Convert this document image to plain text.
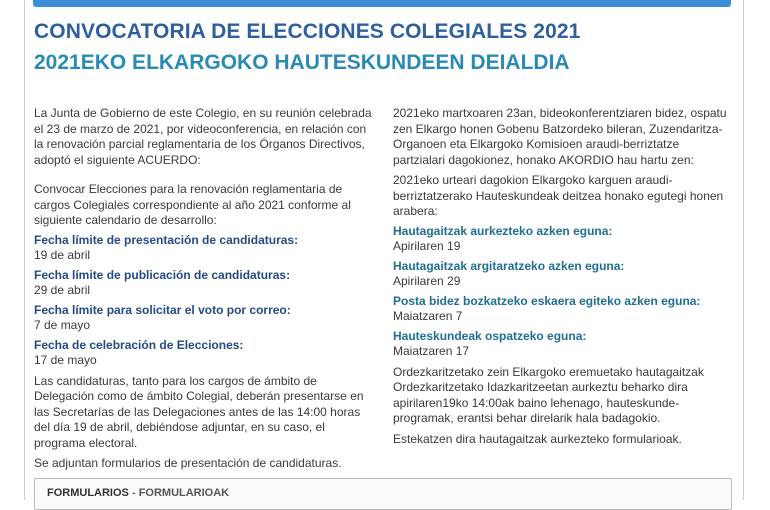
CONVOCATORIA DE ELECCIONES COLEGIALES 2021
2021EKO ELKARGOKO HAUTESKUNDEEN DEIALDIA

La Junta de Gobierno de este Colegio, en su reunión celebrada el 23 de marzo de 2021, por videoconferencia, en relación con la renovación parcial reglamentaria de los Órganos Directivos, adoptó el siguiente ACUERDO:

Convocar Elecciones para la renovación reglamentaria de cargos Colegiales correspondiente al año 2021 conforme al siguiente calendario de desarrollo:

Fecha límite de presentación de candidaturas:

19 de abril

Fecha límite de publicación de candidaturas:

29 de abril

Fecha límite para solicitar el voto por correo:

7 de mayo

Fecha de celebración de Elecciones:

17 de mayo

Las candidaturas, tanto para los cargos de ámbito de Delegación como de ámbito Colegial, deberán presentarse en las Secretarías de las Delegaciones antes de las 14:00 horas del día 19 de abril, debiéndose adjuntar, en su caso, el programa electoral.

Se adjuntan formularios de presentación de candidaturas.

2021eko martxoaren 23an, bideokonferentziaren bidez, ospatu zen Elkargo honen Gobenu Batzordeko bileran, Zuzendaritza-Organoen eta Elkargoko Komisioen araudi-berriztatze partzialari dagokionez, honako AKORDIO hau hartu zen:

2021eko urteari dagokion Elkargoko karguen araudi-berriztatzerako Hauteskundeak deitzea honako egutegi honen arabera:

Hautagaitzak aurkezteko azken eguna:

Apirilaren 19

Hautagaitzak argitaratzeko azken eguna:

Apirilaren 29

Posta bidez bozkatzeko eskaera egiteko azken eguna:

Maiatzaren 7

Hauteskundeak ospatzeko eguna:

Maiatzaren 17

Ordezkaritzetako zein Elkargoko eremuetako hautagaitzak Ordezkaritzetako Idazkaritzeetan aurkeztu beharko dira apirilaren19ko 14:00ak baino lehenago, hauteskunde-programak, erantsi behar direlarik hala badagokio.

Estekatzen dira hautagaitzak aurkezteko formularioak.

FORMULARIOS - FORMULARIOAK
